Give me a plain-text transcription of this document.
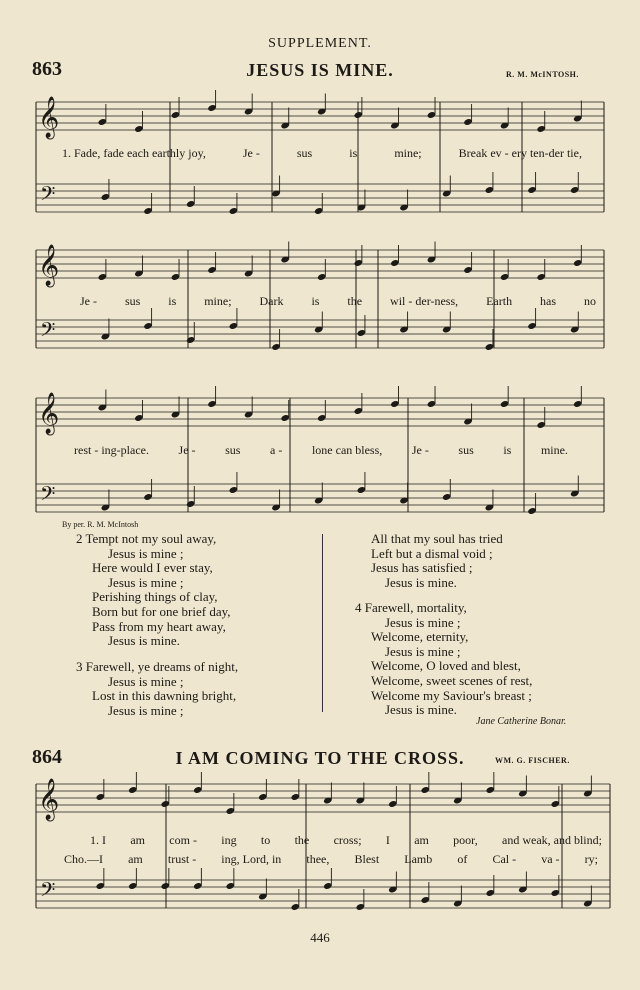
SUPPLEMENT.
863	JESUS IS MINE.	R. M. McINTOSH.
𝄞
𝄢
𝄞
𝄢
𝄞
𝄢
𝄞
𝄢
1. Fade, fade each earthly joy,	Je -	sus	is	mine;	Break ev - ery ten-der tie,
Je - sus is mine; Dark is the wil - der-ness, Earth has no
rest - ing-place. Je - sus a - lone can bless, Je - sus is mine.
By per. R. M. McIntosh
2 Tempt not my soul away,
Jesus is mine ;
Here would I ever stay,
Jesus is mine ;
Perishing things of clay,
Born but for one brief day,
Pass from my heart away,
Jesus is mine.
3 Farewell, ye dreams of night,
Jesus is mine ;
Lost in this dawning bright,
Jesus is mine ;
All that my soul has tried
Left but a dismal void ;
Jesus has satisfied ;
Jesus is mine.
4 Farewell, mortality,
Jesus is mine ;
Welcome, eternity,
Jesus is mine ;
Welcome, O loved and blest,
Welcome, sweet scenes of rest,
Welcome my Saviour's breast ;
Jesus is mine.
Jane Catherine Bonar.
864	I AM COMING TO THE CROSS.	WM. G. FISCHER.
1. I am com - ing to the cross; I am poor, and weak, and blind;
Cho.—I am trust - ing, Lord, in thee, Blest Lamb of Cal - va - ry;
446
